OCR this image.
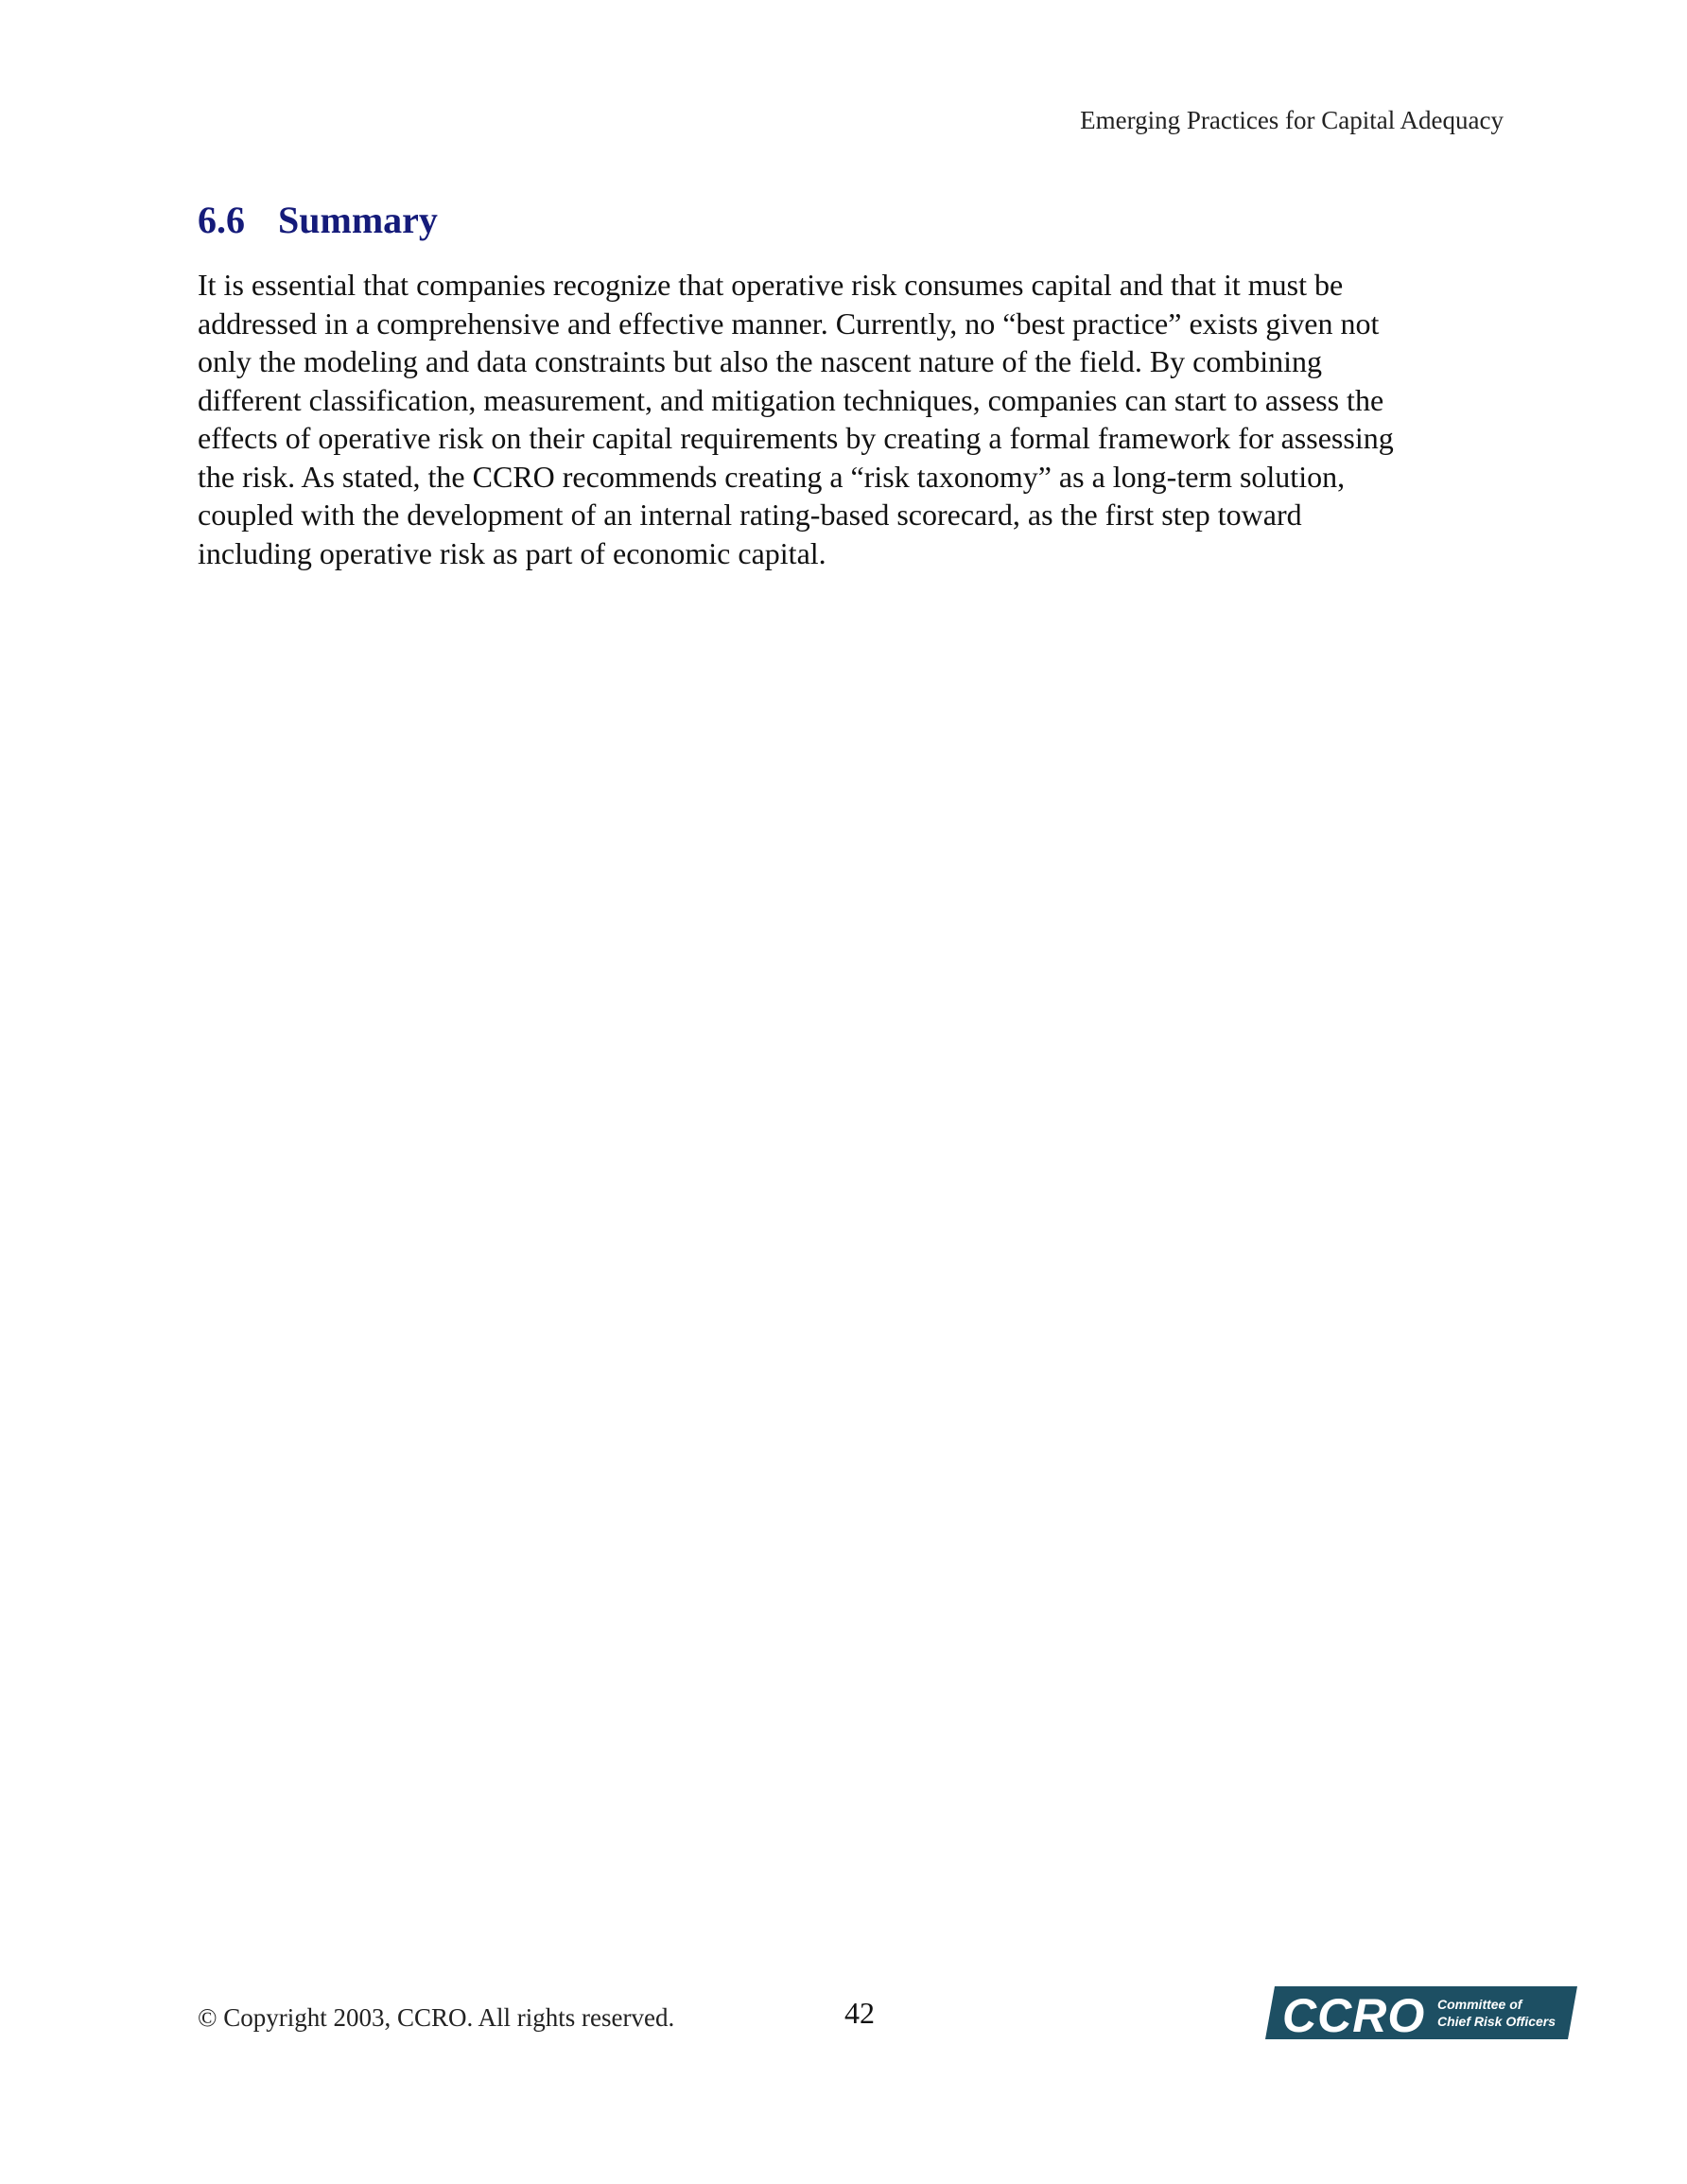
Emerging Practices for Capital Adequacy
6.6 Summary

It is essential that companies recognize that operative risk consumes capital and that it must be
addressed in a comprehensive and effective manner. Currently, no “best practice” exists given not
only the modeling and data constraints but also the nascent nature of the field. By combining
different classification, measurement, and mitigation techniques, companies can start to assess the
effects of operative risk on their capital requirements by creating a formal framework for assessing
the risk. As stated, the CCRO recommends creating a “risk taxonomy” as a long-term solution,
coupled with the development of an internal rating-based scorecard, as the first step toward
including operative risk as part of economic capital.

© Copyright 2003, CCRO. All rights reserved.	42	CCRO Committee of
Chief Risk Officers
